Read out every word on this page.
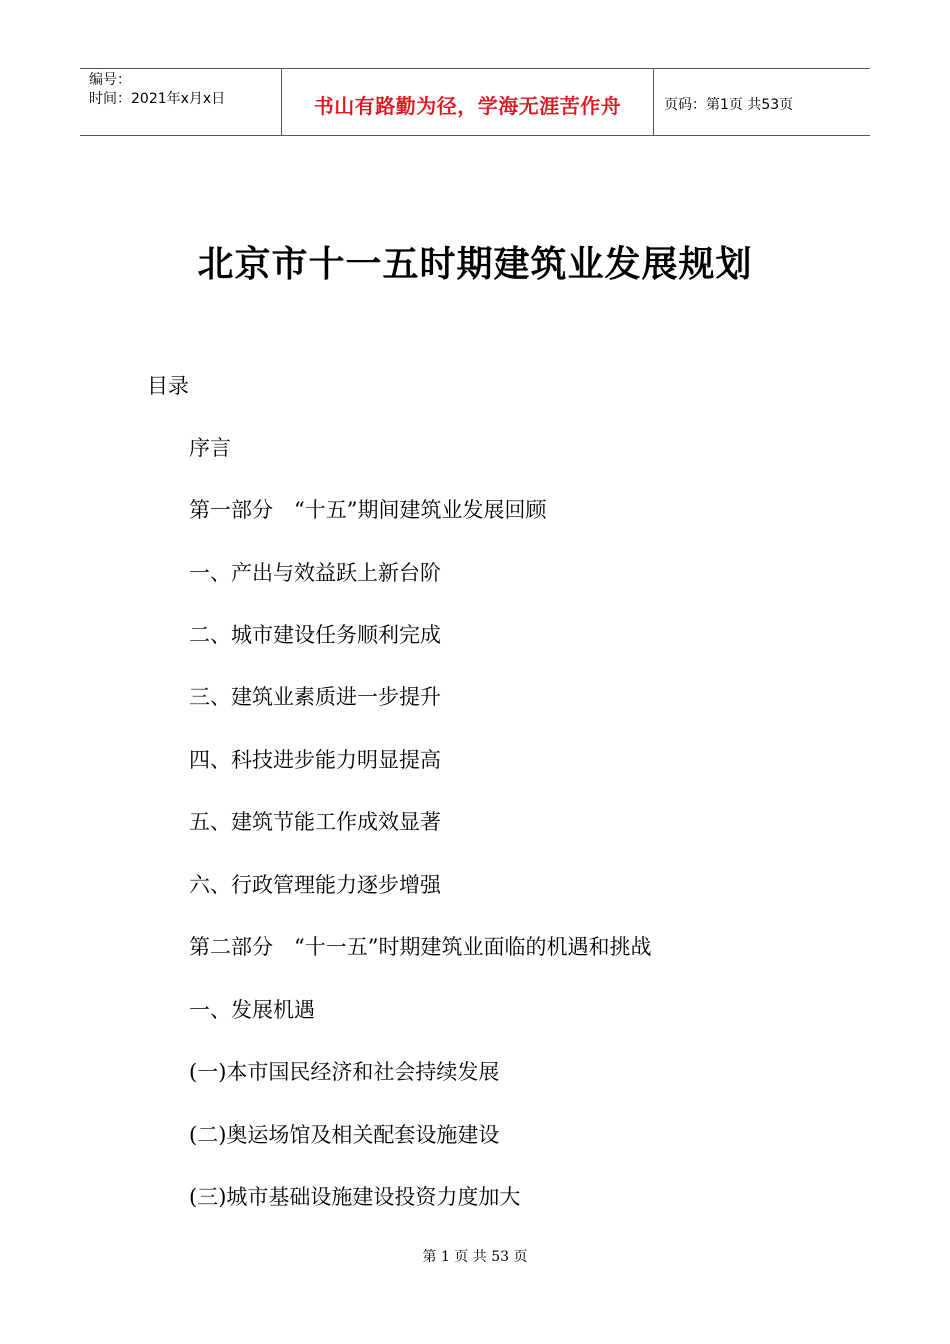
编号：
时间：2021年x月x日	书山有路勤为径，学海无涯苦作舟	页码：第1页 共53页
北京市十一五时期建筑业发展规划
目录
序言
第一部分　“十五”期间建筑业发展回顾
一、产出与效益跃上新台阶
二、城市建设任务顺利完成
三、建筑业素质进一步提升
四、科技进步能力明显提高
五、建筑节能工作成效显著
六、行政管理能力逐步增强
第二部分　“十一五”时期建筑业面临的机遇和挑战
一、发展机遇
(一)本市国民经济和社会持续发展
(二)奥运场馆及相关配套设施建设
(三)城市基础设施建设投资力度加大
第 1 页 共 53 页
